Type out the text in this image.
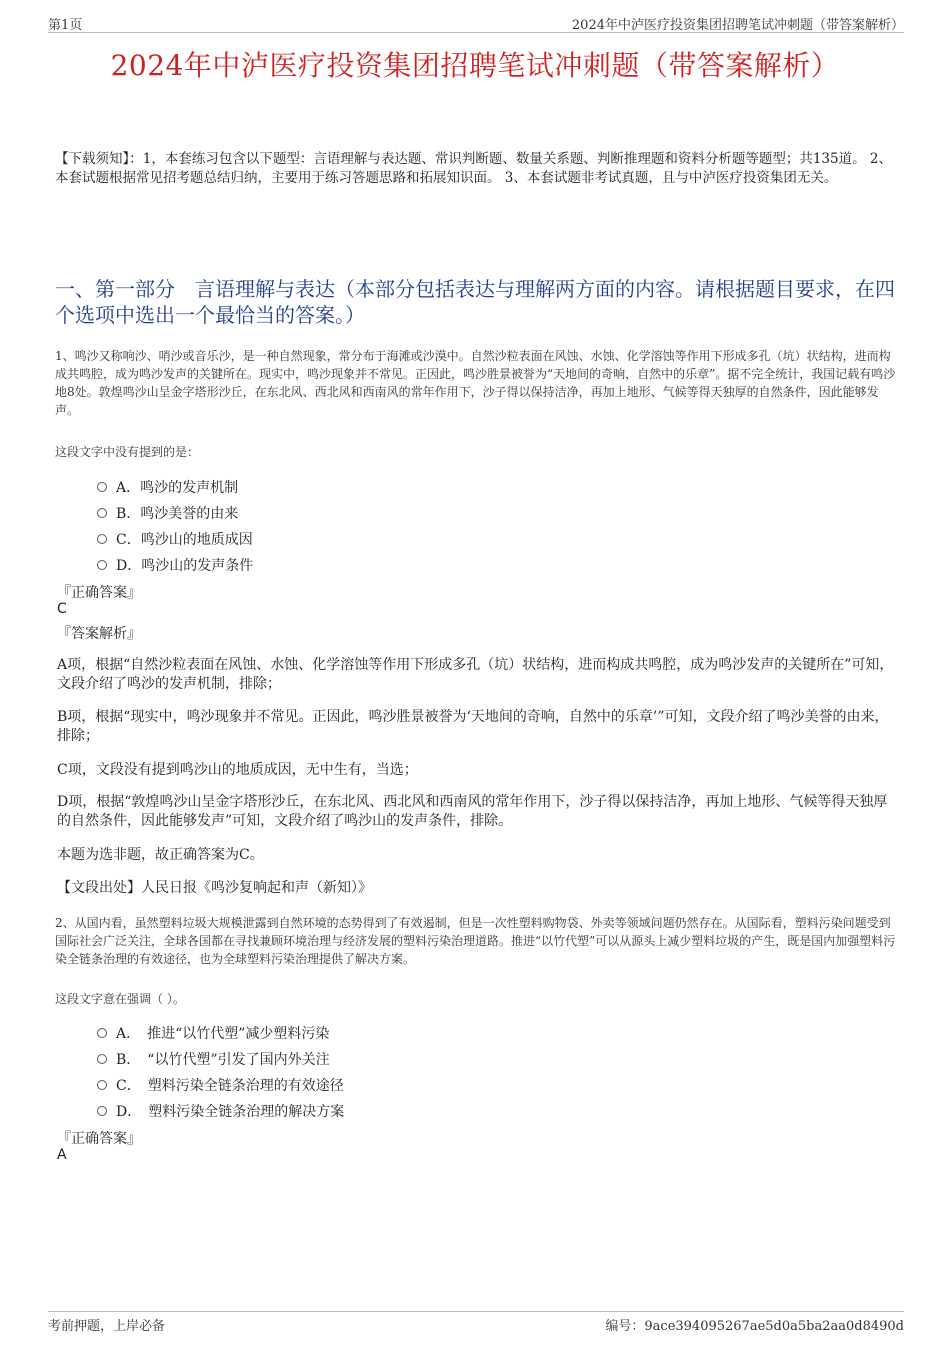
第1页	2024年中泸医疗投资集团招聘笔试冲刺题（带答案解析）
2024年中泸医疗投资集团招聘笔试冲刺题（带答案解析）
【下载须知】：1，本套练习包含以下题型：言语理解与表达题、常识判断题、数量关系题、判断推理题和资料分析题等题型；共135道。 2、本套试题根据常见招考题总结归纳，主要用于练习答题思路和拓展知识面。 3、本套试题非考试真题，且与中泸医疗投资集团无关。
一、第一部分　言语理解与表达（本部分包括表达与理解两方面的内容。请根据题目要求，在四个选项中选出一个最恰当的答案。）
1、鸣沙又称响沙、哨沙或音乐沙，是一种自然现象，常分布于海滩或沙漠中。自然沙粒表面在风蚀、水蚀、化学溶蚀等作用下形成多孔（坑）状结构，进而构成共鸣腔，成为鸣沙发声的关键所在。现实中，鸣沙现象并不常见。正因此，鸣沙胜景被誉为“天地间的奇响，自然中的乐章”。据不完全统计，我国记载有鸣沙地8处。敦煌鸣沙山呈金字塔形沙丘，在东北风、西北风和西南风的常年作用下，沙子得以保持洁净，再加上地形、气候等得天独厚的自然条件，因此能够发声。
这段文字中没有提到的是：
A．鸣沙的发声机制
B．鸣沙美誉的由来
C．鸣沙山的地质成因
D．鸣沙山的发声条件
『正确答案』
C
『答案解析』
A项，根据“自然沙粒表面在风蚀、水蚀、化学溶蚀等作用下形成多孔（坑）状结构，进而构成共鸣腔，成为鸣沙发声的关键所在”可知，文段介绍了鸣沙的发声机制，排除；
B项，根据“现实中，鸣沙现象并不常见。正因此，鸣沙胜景被誉为‘天地间的奇响，自然中的乐章’”可知，文段介绍了鸣沙美誉的由来，排除；
C项，文段没有提到鸣沙山的地质成因，无中生有，当选；
D项，根据“敦煌鸣沙山呈金字塔形沙丘，在东北风、西北风和西南风的常年作用下，沙子得以保持洁净，再加上地形、气候等得天独厚的自然条件，因此能够发声”可知，文段介绍了鸣沙山的发声条件，排除。
本题为选非题，故正确答案为C。
【文段出处】人民日报《鸣沙复响起和声（新知）》
2、从国内看，虽然塑料垃圾大规模泄露到自然环境的态势得到了有效遏制，但是一次性塑料购物袋、外卖等领域问题仍然存在。从国际看，塑料污染问题受到国际社会广泛关注，全球各国都在寻找兼顾环境治理与经济发展的塑料污染治理道路。推进“以竹代塑”可以从源头上减少塑料垃圾的产生，既是国内加强塑料污染全链条治理的有效途径，也为全球塑料污染治理提供了解决方案。
这段文字意在强调（ ）。
A．　推进“以竹代塑”减少塑料污染
B．　“以竹代塑”引发了国内外关注
C．　塑料污染全链条治理的有效途径
D．　塑料污染全链条治理的解决方案
『正确答案』
A
考前押题，上岸必备	编号：9ace394095267ae5d0a5ba2aa0d8490d
